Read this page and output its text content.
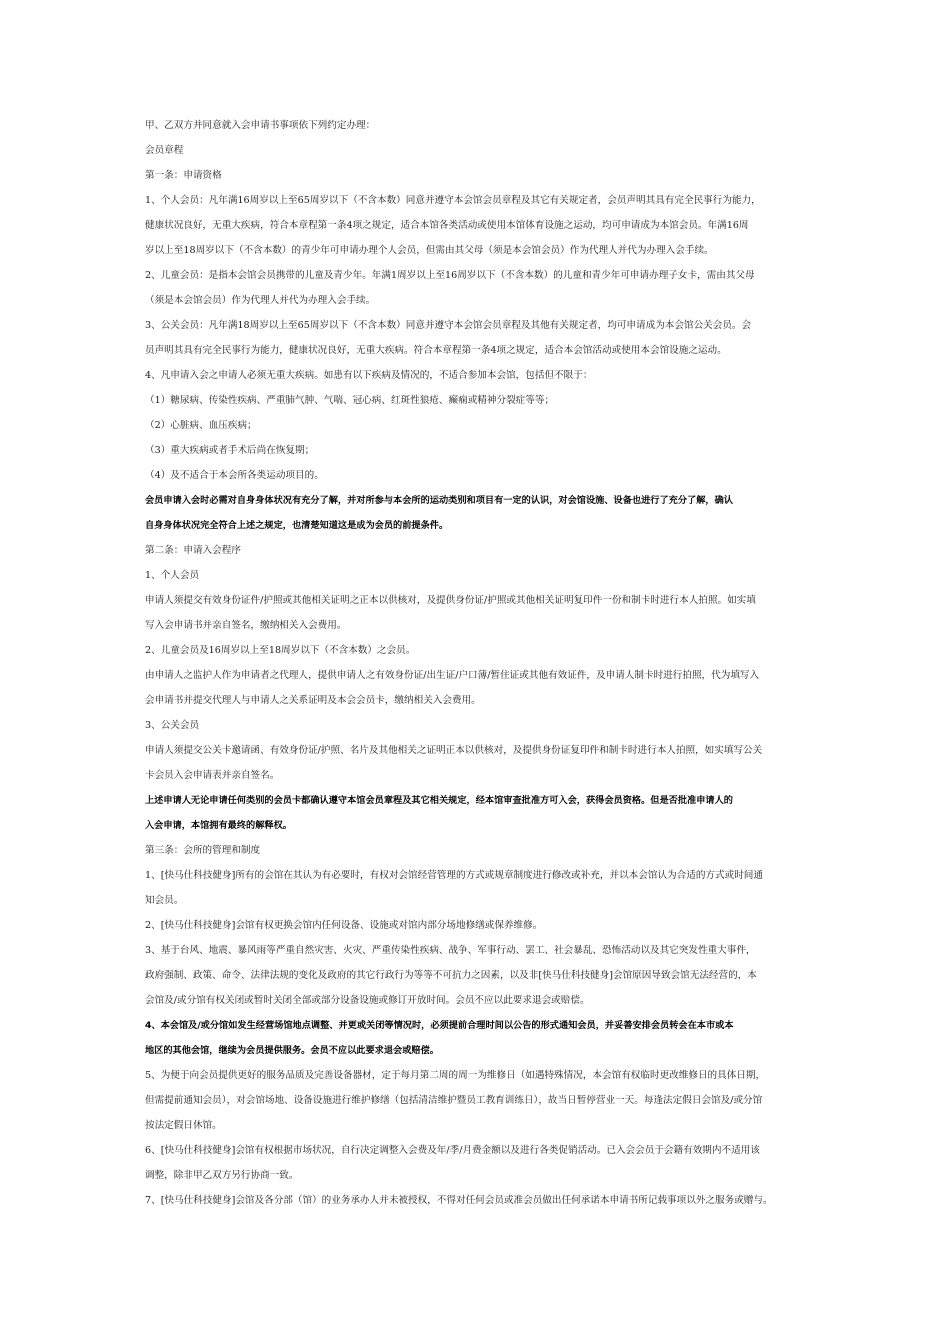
甲、乙双方并同意就入会申请书事项依下列约定办理：
会员章程
第一条：申请资格
1、个人会员：凡年满16周岁以上至65周岁以下（不含本数）同意并遵守本会馆会员章程及其它有关规定者，会员声明其具有完全民事行为能力，
健康状况良好，无重大疾病，符合本章程第一条4项之规定，适合本馆各类活动或使用本馆体育设施之运动，均可申请成为本馆会员。年满16周
岁以上至18周岁以下（不含本数）的青少年可申请办理个人会员，但需由其父母（须是本会馆会员）作为代理人并代为办理入会手续。
2、儿童会员：是指本会馆会员携带的儿童及青少年。年满1周岁以上至16周岁以下（不含本数）的儿童和青少年可申请办理子女卡，需由其父母
（须是本会馆会员）作为代理人并代为办理入会手续。
3、公关会员：凡年满18周岁以上至65周岁以下（不含本数）同意并遵守本会馆会员章程及其他有关规定者，均可申请成为本会馆公关会员。会
员声明其具有完全民事行为能力，健康状况良好，无重大疾病。符合本章程第一条4项之规定，适合本会馆活动或使用本会馆设施之运动。
4、凡申请入会之申请人必须无重大疾病。如患有以下疾病及情况的，不适合参加本会馆，包括但不限于：
（1）糖尿病、传染性疾病、严重肺气肿、气喘、冠心病、红斑性狼疮、癫痫或精神分裂症等等；
（2）心脏病、血压疾病；
（3）重大疾病或者手术后尚在恢复期；
（4）及不适合于本会所各类运动项目的。
会员申请入会时必需对自身身体状况有充分了解，并对所参与本会所的运动类别和项目有一定的认识，对会馆设施、设备也进行了充分了解，确认
自身身体状况完全符合上述之规定，也清楚知道这是成为会员的前提条件。
第二条：申请入会程序
1、个人会员
申请人须提交有效身份证件/护照或其他相关证明之正本以供核对，及提供身份证/护照或其他相关证明复印件一份和制卡时进行本人拍照。如实填
写入会申请书并亲自签名，缴纳相关入会费用。
2、儿童会员及16周岁以上至18周岁以下（不含本数）之会员。
由申请人之监护人作为申请者之代理人，提供申请人之有效身份证/出生证/户口薄/暂住证或其他有效证件，及申请人制卡时进行拍照，代为填写入
会申请书并提交代理人与申请人之关系证明及本会会员卡，缴纳相关入会费用。
3、公关会员
申请人须提交公关卡邀请函、有效身份证/护照、名片及其他相关之证明正本以供核对，及提供身份证复印件和制卡时进行本人拍照，如实填写公关
卡会员入会申请表并亲自签名。
上述申请人无论申请任何类别的会员卡都确认遵守本馆会员章程及其它相关规定，经本馆审查批准方可入会，获得会员资格。但是否批准申请人的
入会申请，本馆拥有最终的解释权。
第三条：会所的管理和制度
1、[快马仕科技健身]所有的会馆在其认为有必要时，有权对会馆经营管理的方式或规章制度进行修改或补充，并以本会馆认为合适的方式或时间通
知会员。
2、[快马仕科技健身]会馆有权更换会馆内任何设备、设施或对馆内部分场地修缮或保养维修。
3、基于台风、地震、暴风雨等严重自然灾害、火灾、严重传染性疾病、战争、军事行动、罢工、社会暴乱、恐怖活动以及其它突发性重大事件，
政府强制、政策、命令、法律法规的变化及政府的其它行政行为等等不可抗力之因素，以及非[快马仕科技健身]会馆原因导致会馆无法经营的，本
会馆及/或分馆有权关闭或暂时关闭全部或部分设备设施或修订开放时间。会员不应以此要求退会或赔偿。
4、本会馆及/或分馆如发生经营场馆地点调整、并更或关闭等情况时，必须提前合理时间以公告的形式通知会员，并妥善安排会员转会在本市或本
地区的其他会馆，继续为会员提供服务。会员不应以此要求退会或赔偿。
5、为便于向会员提供更好的服务品质及完善设备器材，定于每月第二周的周一为维修日（如遇特殊情况，本会馆有权临时更改维修日的具体日期，
但需提前通知会员），对会馆场地、设备设施进行维护修缮（包括清洁维护暨员工教育训练日），故当日暂停营业一天。每逢法定假日会馆及/或分馆
按法定假日休馆。
6、[快马仕科技健身]会馆有权根据市场状况，自行决定调整入会费及年/季/月费金额以及进行各类促销活动。已入会会员于会籍有效期内不适用该
调整，除非甲乙双方另行协商一致。
7、[快马仕科技健身]会馆及各分部（馆）的业务承办人并未被授权，不得对任何会员或准会员做出任何承诺本申请书所记载事项以外之服务或赠与。
